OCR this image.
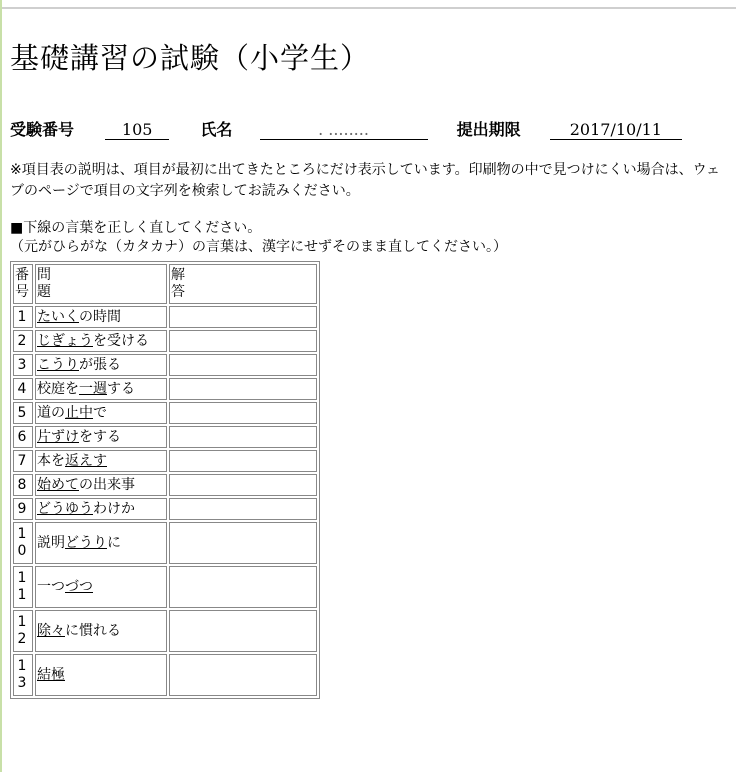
基礎講習の試験（小学生）
受験番号	105	氏名	. ........	提出期限	2017/10/11
※項目表の説明は、項目が最初に出てきたところにだけ表示しています。印刷物の中で見つけにくい場合は、ウェブのページで項目の文字列を検索してお読みください。
■下線の言葉を正しく直してください。
（元がひらがな（カタカナ）の言葉は、漢字にせずそのまま直してください。）
番号	問題	解答

1	たいくの時間	

2	じぎょうを受ける	

3	こうりが張る	

4	校庭を一週する	

5	道の止中で	

6	片ずけをする	

7	本を返えす	

8	始めての出来事	

9	どうゆうわけか	

10	説明どうりに	

11	一つづつ	

12	除々に慣れる	

13	結極	
